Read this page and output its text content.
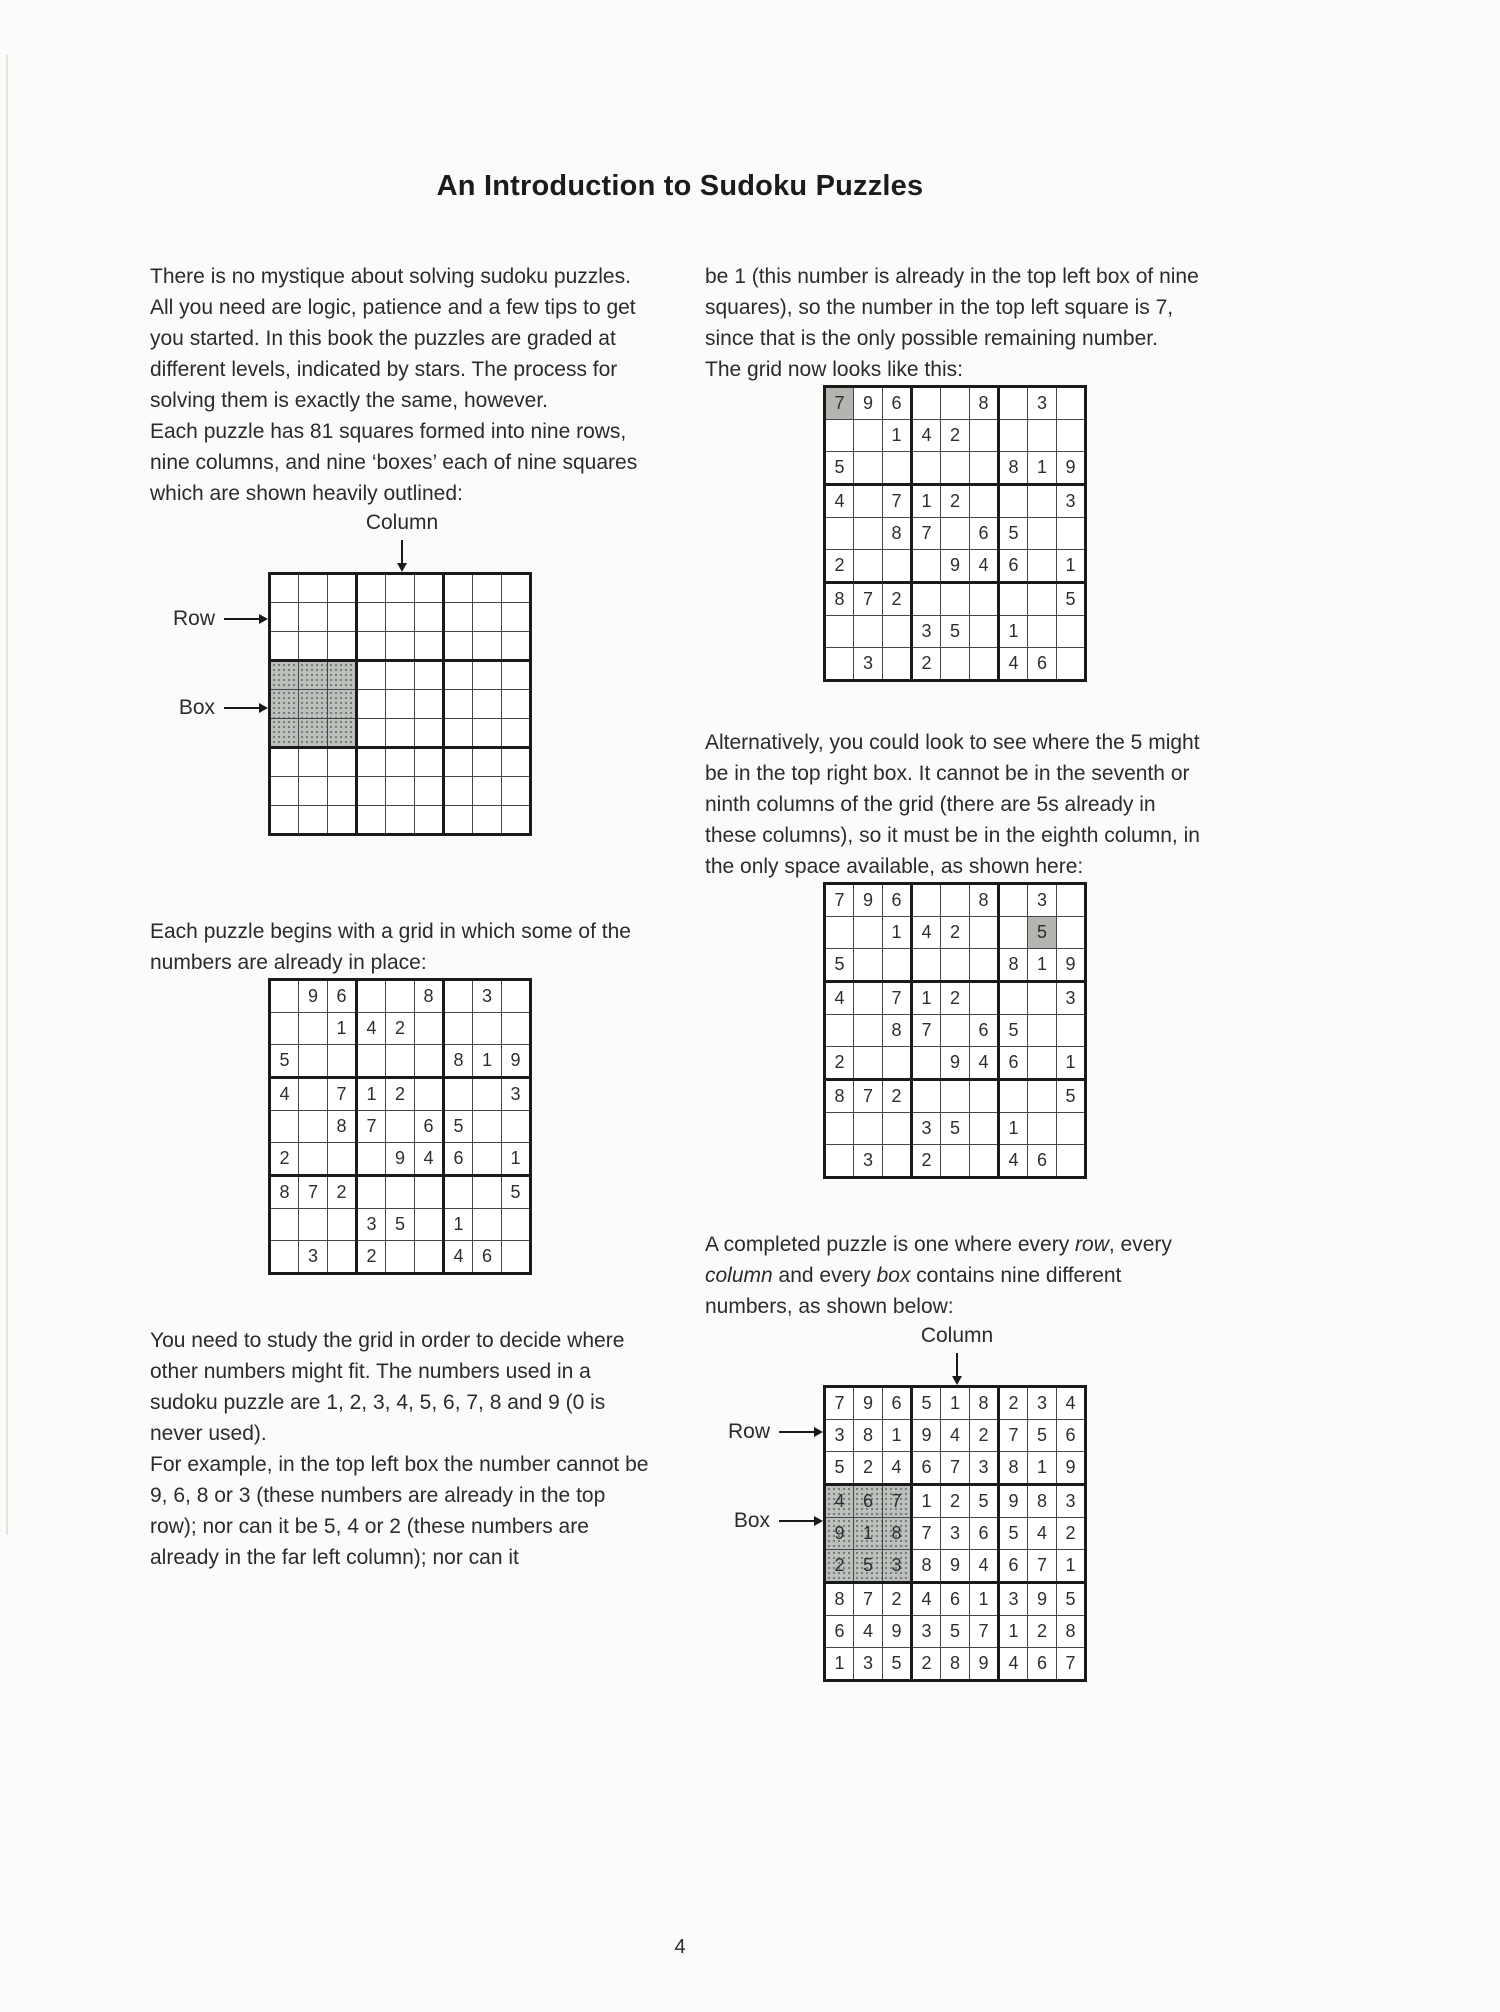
An Introduction to Sudoku Puzzles

There is no mystique about solving sudoku puzzles. All you need are logic, patience and a few tips to get you started. In this book the puzzles are graded at different levels, indicated by stars. The process for solving them is exactly the same, however.

Each puzzle has 81 squares formed into nine rows, nine columns, and nine ‘boxes’ each of nine squares which are shown heavily outlined:

Column
Row
Box

Each puzzle begins with a grid in which some of the numbers are already in place:

	9	6			8		3	
		1	4	2				
5						8	1	9
4		7	1	2				3
		8	7		6	5		
2				9	4	6		1
8	7	2						5
			3	5		1		
	3		2			4	6	

You need to study the grid in order to decide where other numbers might fit. The numbers used in a sudoku puzzle are 1, 2, 3, 4, 5, 6, 7, 8 and 9 (0 is never used).

For example, in the top left box the number cannot be 9, 6, 8 or 3 (these numbers are already in the top row); nor can it be 5, 4 or 2 (these numbers are already in the far left column); nor can it

be 1 (this number is already in the top left box of nine squares), so the number in the top left square is 7, since that is the only possible remaining number.

The grid now looks like this:

7	9	6			8		3	
		1	4	2				
5						8	1	9
4		7	1	2				3
		8	7		6	5		
2				9	4	6		1
8	7	2						5
			3	5		1		
	3		2			4	6	

Alternatively, you could look to see where the 5 might be in the top right box. It cannot be in the seventh or ninth columns of the grid (there are 5s already in these columns), so it must be in the eighth column, in the only space available, as shown here:

7	9	6			8		3	
		1	4	2			5	
5						8	1	9
4		7	1	2				3
		8	7		6	5		
2				9	4	6		1
8	7	2						5
			3	5		1		
	3		2			4	6	

A completed puzzle is one where every row, every column and every box contains nine different numbers, as shown below:

Column
Row
Box
7	9	6	5	1	8	2	3	4
3	8	1	9	4	2	7	5	6
5	2	4	6	7	3	8	1	9
4	6	7	1	2	5	9	8	3
9	1	8	7	3	6	5	4	2
2	5	3	8	9	4	6	7	1
8	7	2	4	6	1	3	9	5
6	4	9	3	5	7	1	2	8
1	3	5	2	8	9	4	6	7
4
